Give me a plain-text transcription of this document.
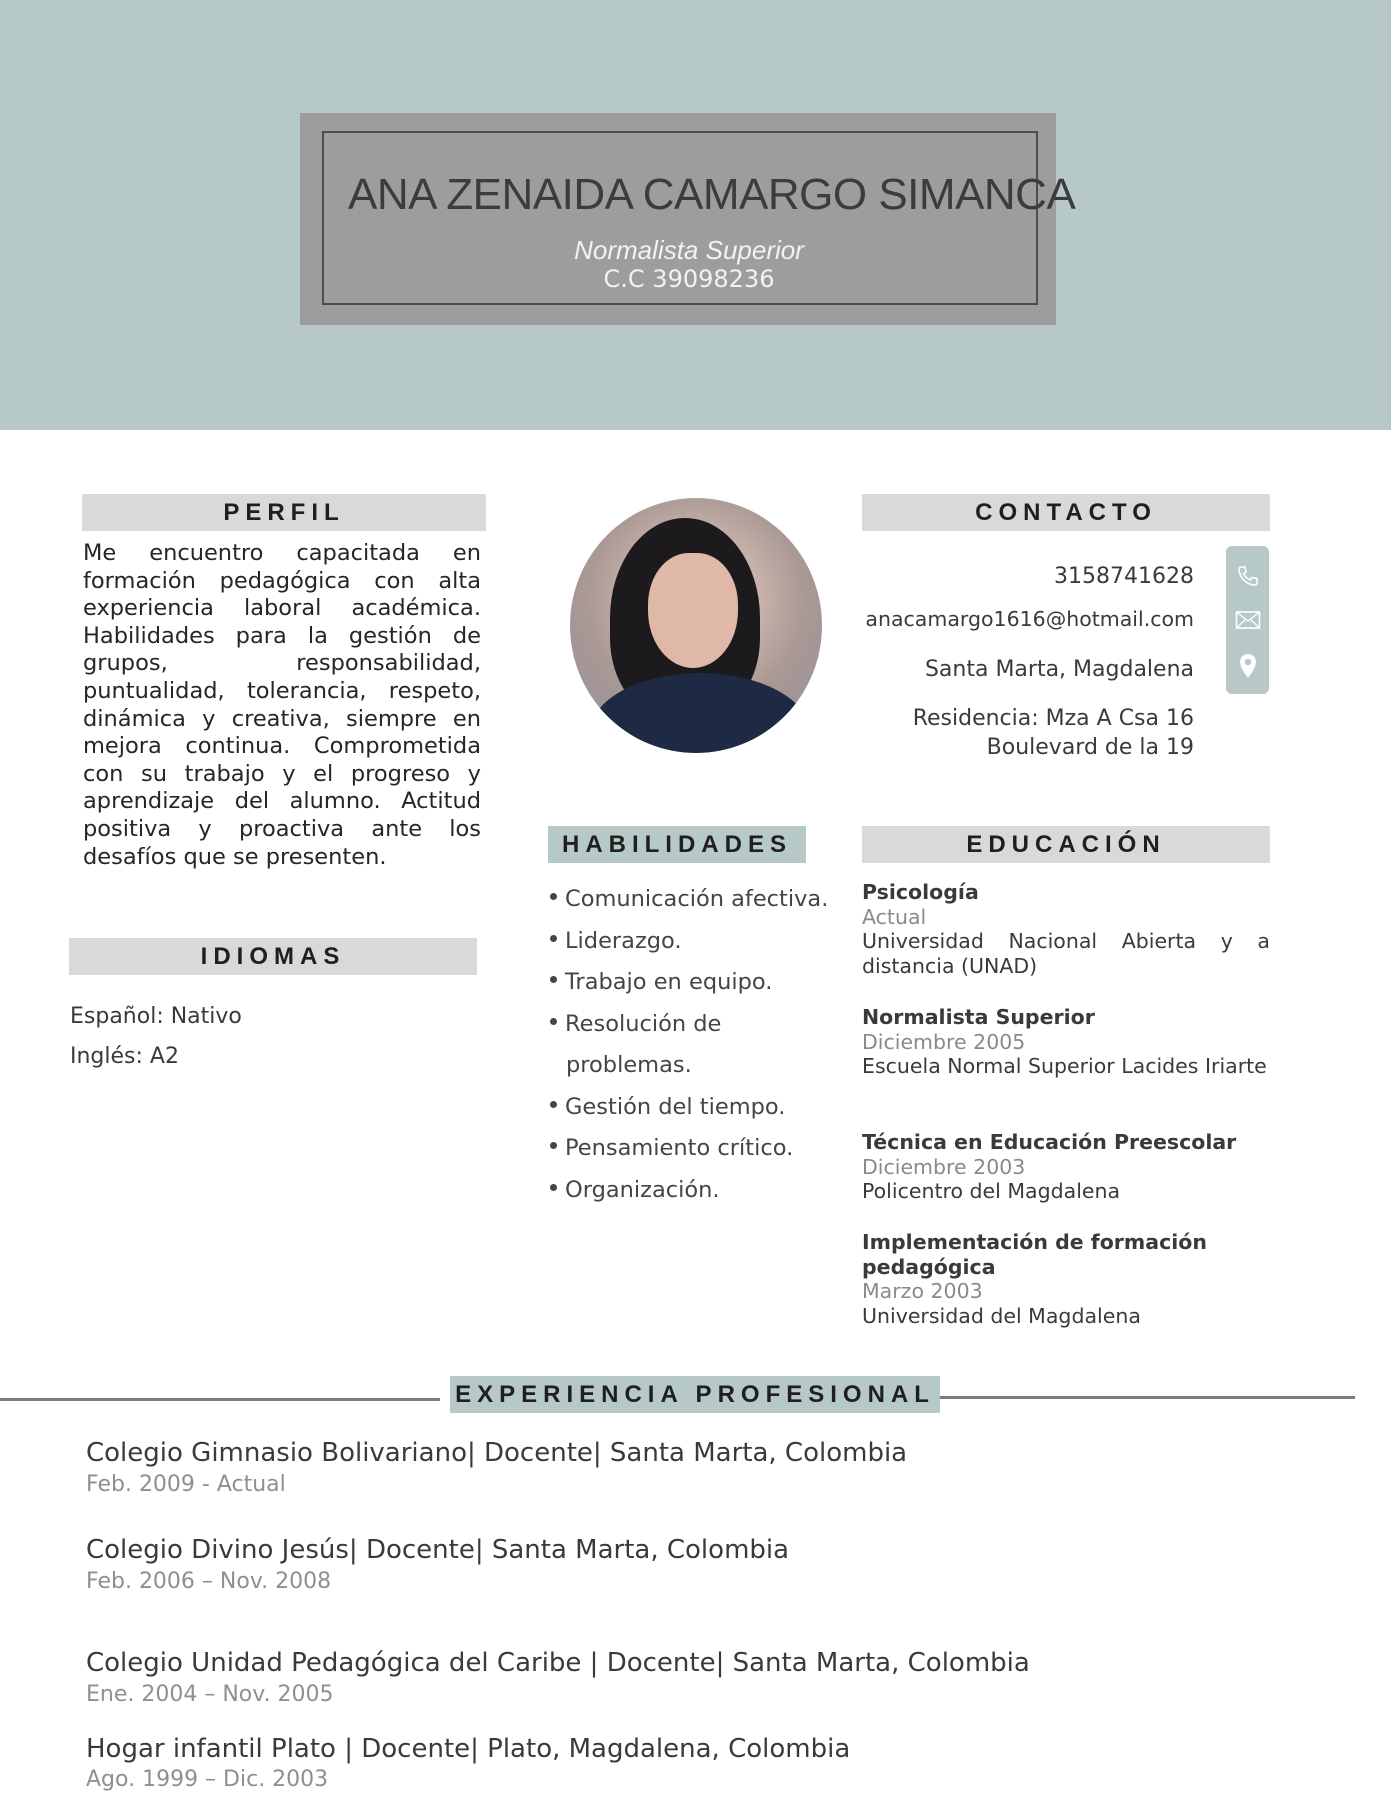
ANA ZENAIDA CAMARGO SIMANCA
Normalista Superior
C.C 39098236
PERFIL
Me encuentro capacitada en formación pedagógica con alta experiencia laboral académica. Habilidades para la gestión de grupos, responsabilidad, puntualidad, tolerancia, respeto, dinámica y creativa, siempre en mejora continua. Comprometida con su trabajo y el progreso y aprendizaje del alumno. Actitud positiva y proactiva ante los desafíos que se presenten.
IDIOMAS
Español: Nativo
Inglés: A2
CONTACTO
3158741628
anacamargo1616@hotmail.com
Santa Marta, Magdalena
Residencia: Mza A Csa 16
Boulevard de la 19
HABILIDADES
Comunicación afectiva.
Liderazgo.
Trabajo en equipo.
Resolución de
problemas.
Gestión del tiempo.
Pensamiento crítico.
Organización.
EDUCACIÓN
Psicología
Actual
Universidad Nacional Abierta y a distancia (UNAD)
Normalista Superior
Diciembre 2005
Escuela Normal Superior Lacides Iriarte
Técnica en Educación Preescolar
Diciembre 2003
Policentro del Magdalena
Implementación de formación pedagógica
Marzo 2003
Universidad del Magdalena
EXPERIENCIA PROFESIONAL
Colegio Gimnasio Bolivariano| Docente| Santa Marta, Colombia
Feb. 2009 - Actual
Colegio Divino Jesús| Docente| Santa Marta, Colombia
Feb. 2006 – Nov. 2008
Colegio Unidad Pedagógica del Caribe | Docente| Santa Marta, Colombia
Ene. 2004 – Nov. 2005
Hogar infantil Plato | Docente| Plato, Magdalena, Colombia
Ago. 1999 – Dic. 2003
